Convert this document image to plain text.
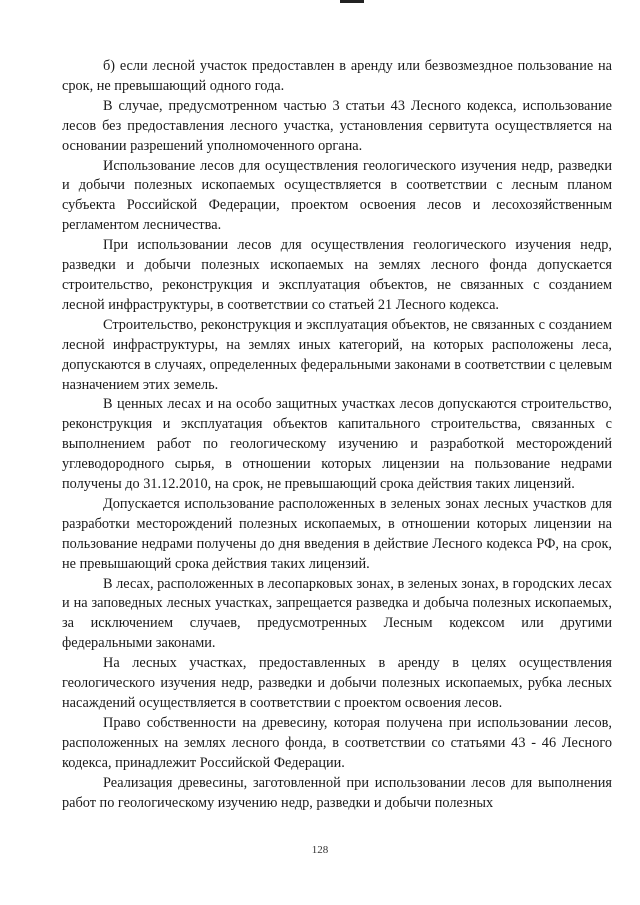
б) если лесной участок предоставлен в аренду или безвозмездное пользование на срок, не превышающий одного года.

В случае, предусмотренном частью 3 статьи 43 Лесного кодекса, использование лесов без предоставления лесного участка, установления сервитута осуществляется на основании разрешений уполномоченного органа.

Использование лесов для осуществления геологического изучения недр, разведки и добычи полезных ископаемых осуществляется в соответствии с лесным планом субъекта Российской Федерации, проектом освоения лесов и лесохозяйственным регламентом лесничества.

При использовании лесов для осуществления геологического изучения недр, разведки и добычи полезных ископаемых на землях лесного фонда допускается строительство, реконструкция и эксплуатация объектов, не связанных с созданием лесной инфраструктуры, в соответствии со статьей 21 Лесного кодекса.

Строительство, реконструкция и эксплуатация объектов, не связанных с созданием лесной инфраструктуры, на землях иных категорий, на которых расположены леса, допускаются в случаях, определенных федеральными законами в соответствии с целевым назначением этих земель.

В ценных лесах и на особо защитных участках лесов допускаются строительство, реконструкция и эксплуатация объектов капитального строительства, связанных с выполнением работ по геологическому изучению и разработкой месторождений углеводородного сырья, в отношении которых лицензии на пользование недрами получены до 31.12.2010, на срок, не превышающий срока действия таких лицензий.

Допускается использование расположенных в зеленых зонах лесных участков для разработки месторождений полезных ископаемых, в отношении которых лицензии на пользование недрами получены до дня введения в действие Лесного кодекса РФ, на срок, не превышающий срока действия таких лицензий.

В лесах, расположенных в лесопарковых зонах, в зеленых зонах, в городских лесах и на заповедных лесных участках, запрещается разведка и добыча полезных ископаемых, за исключением случаев, предусмотренных Лесным кодексом или другими федеральными законами.

На лесных участках, предоставленных в аренду в целях осуществления геологического изучения недр, разведки и добычи полезных ископаемых, рубка лесных насаждений осуществляется в соответствии с проектом освоения лесов.

Право собственности на древесину, которая получена при использовании лесов, расположенных на землях лесного фонда, в соответствии со статьями 43 - 46 Лесного кодекса, принадлежит Российской Федерации.

Реализация древесины, заготовленной при использовании лесов для выполнения работ по геологическому изучению недр, разведки и добычи полезных

128
